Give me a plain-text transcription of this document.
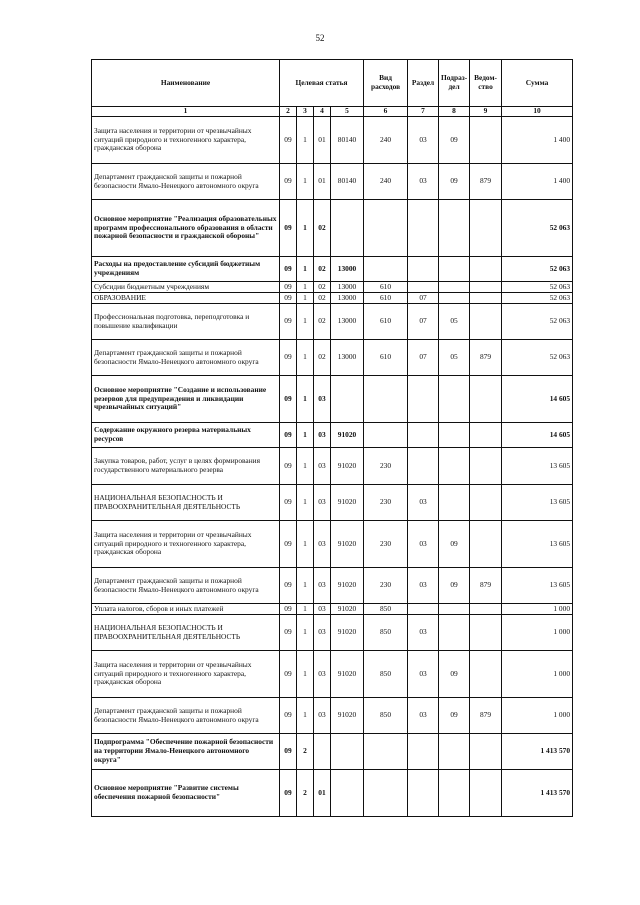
52
Наименование	Целевая статья				Вид расходов	Раздел	Подраз-дел	Ведом-ство	Сумма
1	2	3	4	5	6	7	8	9	10
Защита населения и территории от чрезвычайных ситуаций природного и техногенного характера, гражданская оборона	09	1	01	80140	240	03	09		1 400
Департамент гражданской защиты и пожарной безопасности Ямало-Ненецкого автономного округа	09	1	01	80140	240	03	09	879	1 400
Основное мероприятие "Реализация образовательных программ профессионального образования в области пожарной безопасности и гражданской обороны"	09	1	02						52 063
Расходы на предоставление субсидий бюджетным учреждениям	09	1	02	13000					52 063
Субсидии бюджетным учреждениям	09	1	02	13000	610				52 063
ОБРАЗОВАНИЕ	09	1	02	13000	610	07			52 063
Профессиональная подготовка, переподготовка и повышение квалификации	09	1	02	13000	610	07	05		52 063
Департамент гражданской защиты и пожарной безопасности Ямало-Ненецкого автономного округа	09	1	02	13000	610	07	05	879	52 063
Основное мероприятие "Создание и использование резервов для предупреждения и ликвидации чрезвычайных ситуаций"	09	1	03						14 605
Содержание окружного резерва материальных ресурсов	09	1	03	91020					14 605
Закупка товаров, работ, услуг в целях формирования государственного материального резерва	09	1	03	91020	230				13 605
НАЦИОНАЛЬНАЯ БЕЗОПАСНОСТЬ И ПРАВООХРАНИТЕЛЬНАЯ ДЕЯТЕЛЬНОСТЬ	09	1	03	91020	230	03			13 605
Защита населения и территории от чрезвычайных ситуаций природного и техногенного характера, гражданская оборона	09	1	03	91020	230	03	09		13 605
Департамент гражданской защиты и пожарной безопасности Ямало-Ненецкого автономного округа	09	1	03	91020	230	03	09	879	13 605
Уплата налогов, сборов и иных платежей	09	1	03	91020	850				1 000
НАЦИОНАЛЬНАЯ БЕЗОПАСНОСТЬ И ПРАВООХРАНИТЕЛЬНАЯ ДЕЯТЕЛЬНОСТЬ	09	1	03	91020	850	03			1 000
Защита населения и территории от чрезвычайных ситуаций природного и техногенного характера, гражданская оборона	09	1	03	91020	850	03	09		1 000
Департамент гражданской защиты и пожарной безопасности Ямало-Ненецкого автономного округа	09	1	03	91020	850	03	09	879	1 000
Подпрограмма "Обеспечение пожарной безопасности на территории Ямало-Ненецкого автономного округа"	09	2							1 413 570
Основное мероприятие "Развитие системы обеспечения пожарной безопасности"	09	2	01						1 413 570
